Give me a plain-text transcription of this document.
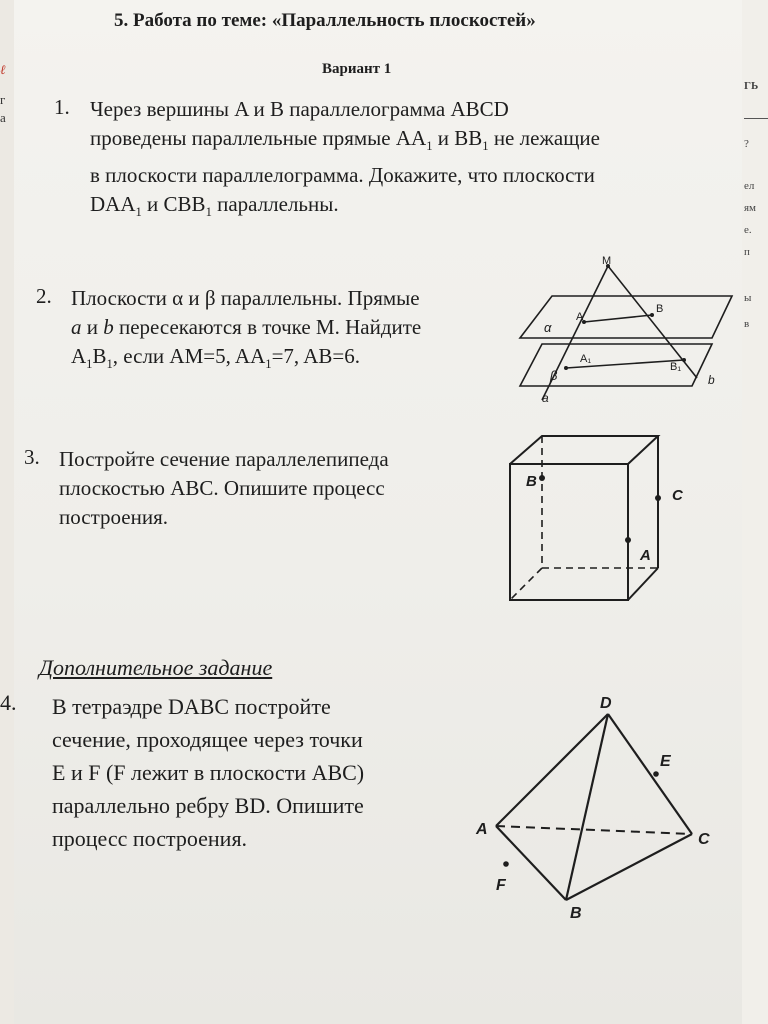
ℓ
г
а
5. Работа по теме: «Параллельность плоскостей»
Вариант 1
1. Через вершины A и B параллелограмма ABCD
проведены параллельные прямые $AA_1$ и $BB_1$ не лежащие
в плоскости параллелограмма. Докажите, что плоскости
$DAA_1$ и $CBB_1$ параллельны.
2. Плоскости α и β параллельны. Прямые
a и b пересекаются в точке М. Найдите
$A_1B_1$, если AM=5, $AA_1=7$, AB=6.
M
A
B
A₁
B₁
α
β
a
b
3. Постройте сечение параллелепипеда
плоскостью ABC. Опишите процесс
построения.
B
C
A
Дополнительное задание
4. В тетраэдре DABC постройте
сечение, проходящее через точки
E и F (F лежит в плоскости ABC)
параллельно ребру BD. Опишите
процесс построения.
D
E
A
C
F
B
ГЬ
?
ел
ям
е.
п
ы
в
